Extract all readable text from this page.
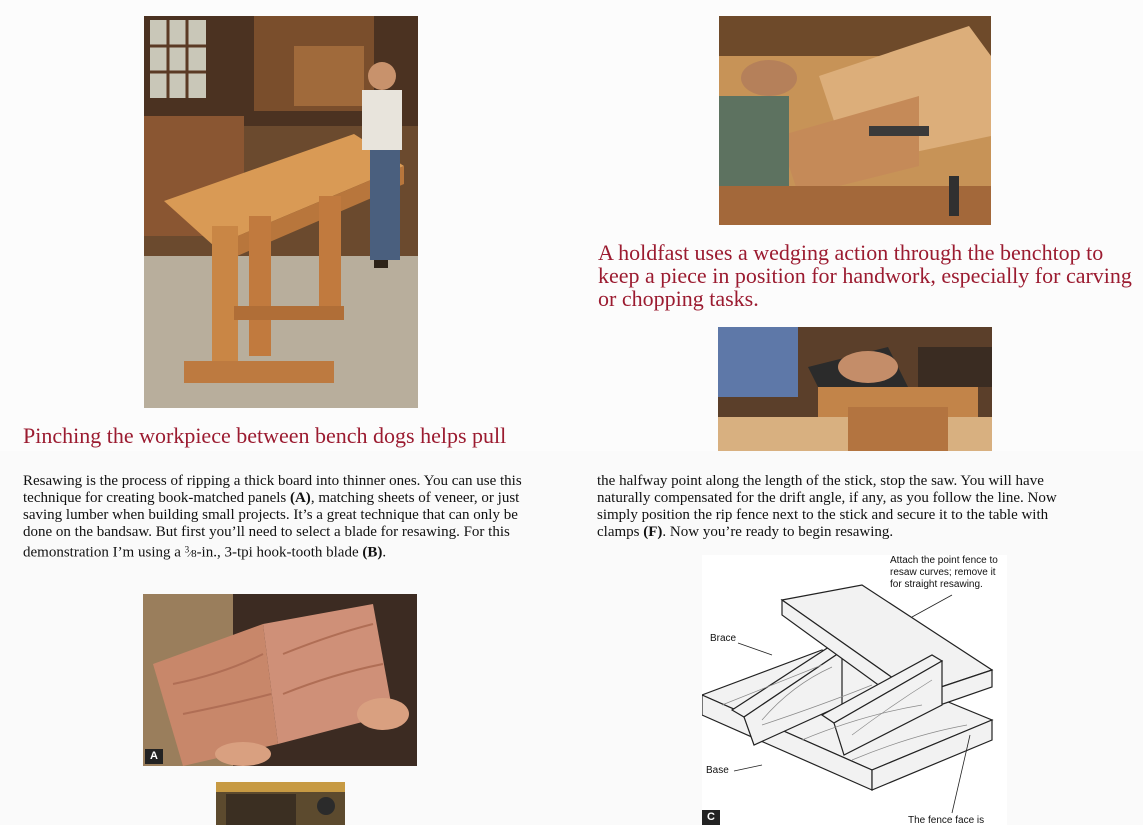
Pinching the workpiece between bench dogs helps pull

A holdfast uses a wedging action through the benchtop to keep a piece in position for handwork, especially for carving or chopping tasks.

Resawing is the process of ripping a thick board into thinner ones. You can use this technique for creating book-matched panels (A), matching sheets of veneer, or just saving lumber when building small projects. It’s a great technique that can only be done on the bandsaw. But first you’ll need to select a blade for resawing. For this demonstration I’m using a $^3$⁄8-in., 3-tpi hook-tooth blade (B).

the halfway point along the length of the stick, stop the saw. You will have naturally compensated for the drift angle, if any, as you follow the line. Now simply position the rip fence next to the stick and secure it to the table with clamps (F). Now you’re ready to begin resawing.

A
Attach the point fence to resaw curves; remove it for straight resawing.
Brace
Base
The fence face is
C
